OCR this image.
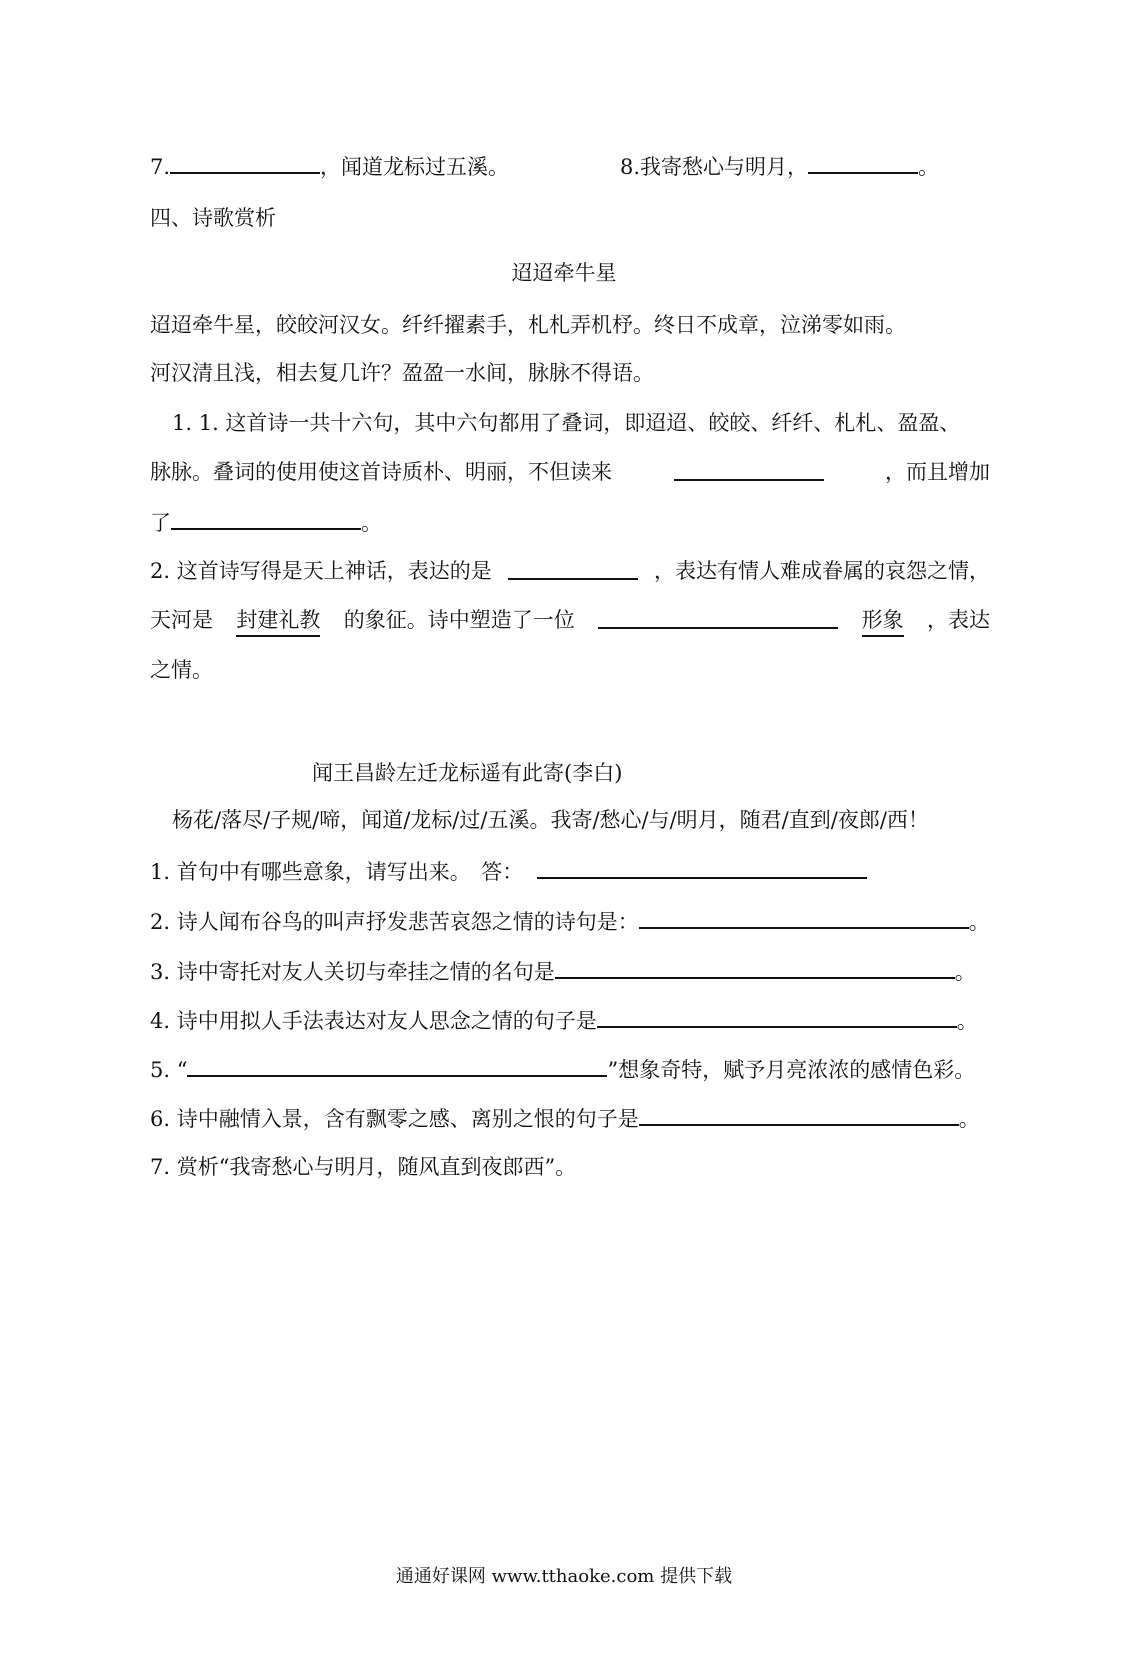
7.	，闻道龙标过五溪。	8.我寄愁心与明月，	。
四、诗歌赏析
迢迢牵牛星
迢迢牵牛星，皎皎河汉女。纤纤擢素手，札札弄机杼。终日不成章，泣涕零如雨。
河汉清且浅，相去复几许？盈盈一水间，脉脉不得语。
1. 1. 这首诗一共十六句，其中六句都用了叠词，即迢迢、皎皎、纤纤、札札、盈盈、
脉脉。叠词的使用使这首诗质朴、明丽，不但读来	，而且增加
了	。
2. 这首诗写得是天上神话，表达的是	，表达有情人难成眷属的哀怨之情，
天河是 封建礼教 的象征。诗中塑造了一位	形象 ，表达
之情。
闻王昌龄左迁龙标遥有此寄(李白)
杨花/落尽/子规/啼，闻道/龙标/过/五溪。我寄/愁心/与/明月，随君/直到/夜郎/西！
1. 首句中有哪些意象，请写出来。　答：
2. 诗人闻布谷鸟的叫声抒发悲苦哀怨之情的诗句是：	。
3. 诗中寄托对友人关切与牵挂之情的名句是	。
4. 诗中用拟人手法表达对友人思念之情的句子是	。
5. “	”想象奇特，赋予月亮浓浓的感情色彩。
6. 诗中融情入景，含有飘零之感、离别之恨的句子是	。
7. 赏析“我寄愁心与明月，随风直到夜郎西”。
通通好课网 www.tthaoke.com 提供下载
